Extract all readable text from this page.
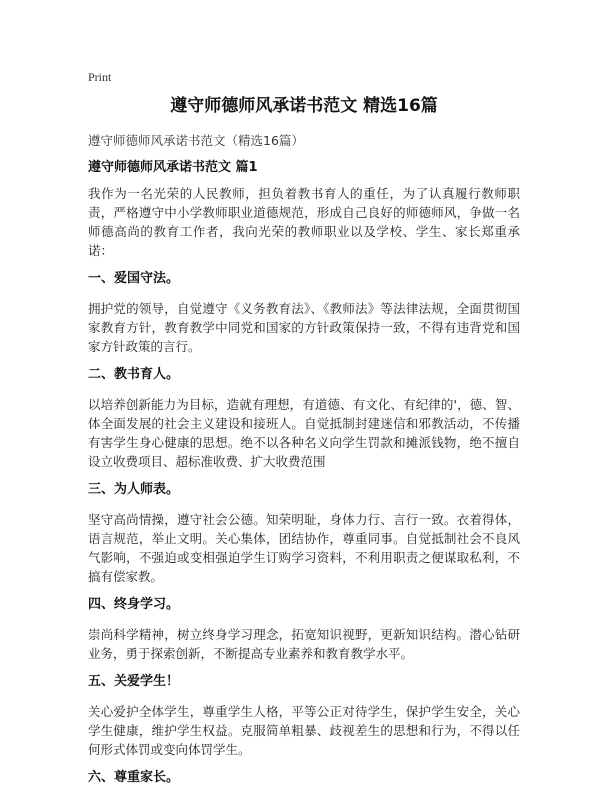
Print
遵守师德师风承诺书范文 精选16篇
遵守师德师风承诺书范文（精选16篇）
遵守师德师风承诺书范文 篇1

我作为一名光荣的人民教师，担负着教书育人的重任，为了认真履行教师职责，严格遵守中小学教师职业道德规范，形成自己良好的师德师风，争做一名师德高尚的教育工作者，我向光荣的教师职业以及学校、学生、家长郑重承诺：

一、爱国守法。

拥护党的领导，自觉遵守《义务教育法》、《教师法》等法律法规，全面贯彻国家教育方针，教育教学中同党和国家的方针政策保持一致，不得有违背党和国家方针政策的言行。

二、教书育人。

以培养创新能力为目标，造就有理想，有道德、有文化、有纪律的'，德、智、体全面发展的社会主义建设和接班人。自觉抵制封建迷信和邪教活动，不传播有害学生身心健康的思想。绝不以各种名义向学生罚款和摊派钱物，绝不擅自设立收费项目、超标准收费、扩大收费范围

三、为人师表。

坚守高尚情操，遵守社会公德。知荣明耻，身体力行、言行一致。衣着得体，语言规范，举止文明。关心集体，团结协作，尊重同事。自觉抵制社会不良风气影响，不强迫或变相强迫学生订购学习资料，不利用职责之便谋取私利，不搞有偿家教。

四、终身学习。

崇尚科学精神，树立终身学习理念，拓宽知识视野，更新知识结构。潜心钻研业务，勇于探索创新，不断提高专业素养和教育教学水平。

五、关爱学生！

关心爱护全体学生，尊重学生人格，平等公正对待学生，保护学生安全，关心学生健康，维护学生权益。克服简单粗暴、歧视差生的思想和行为，不得以任何形式体罚或变向体罚学生。

六、尊重家长。
